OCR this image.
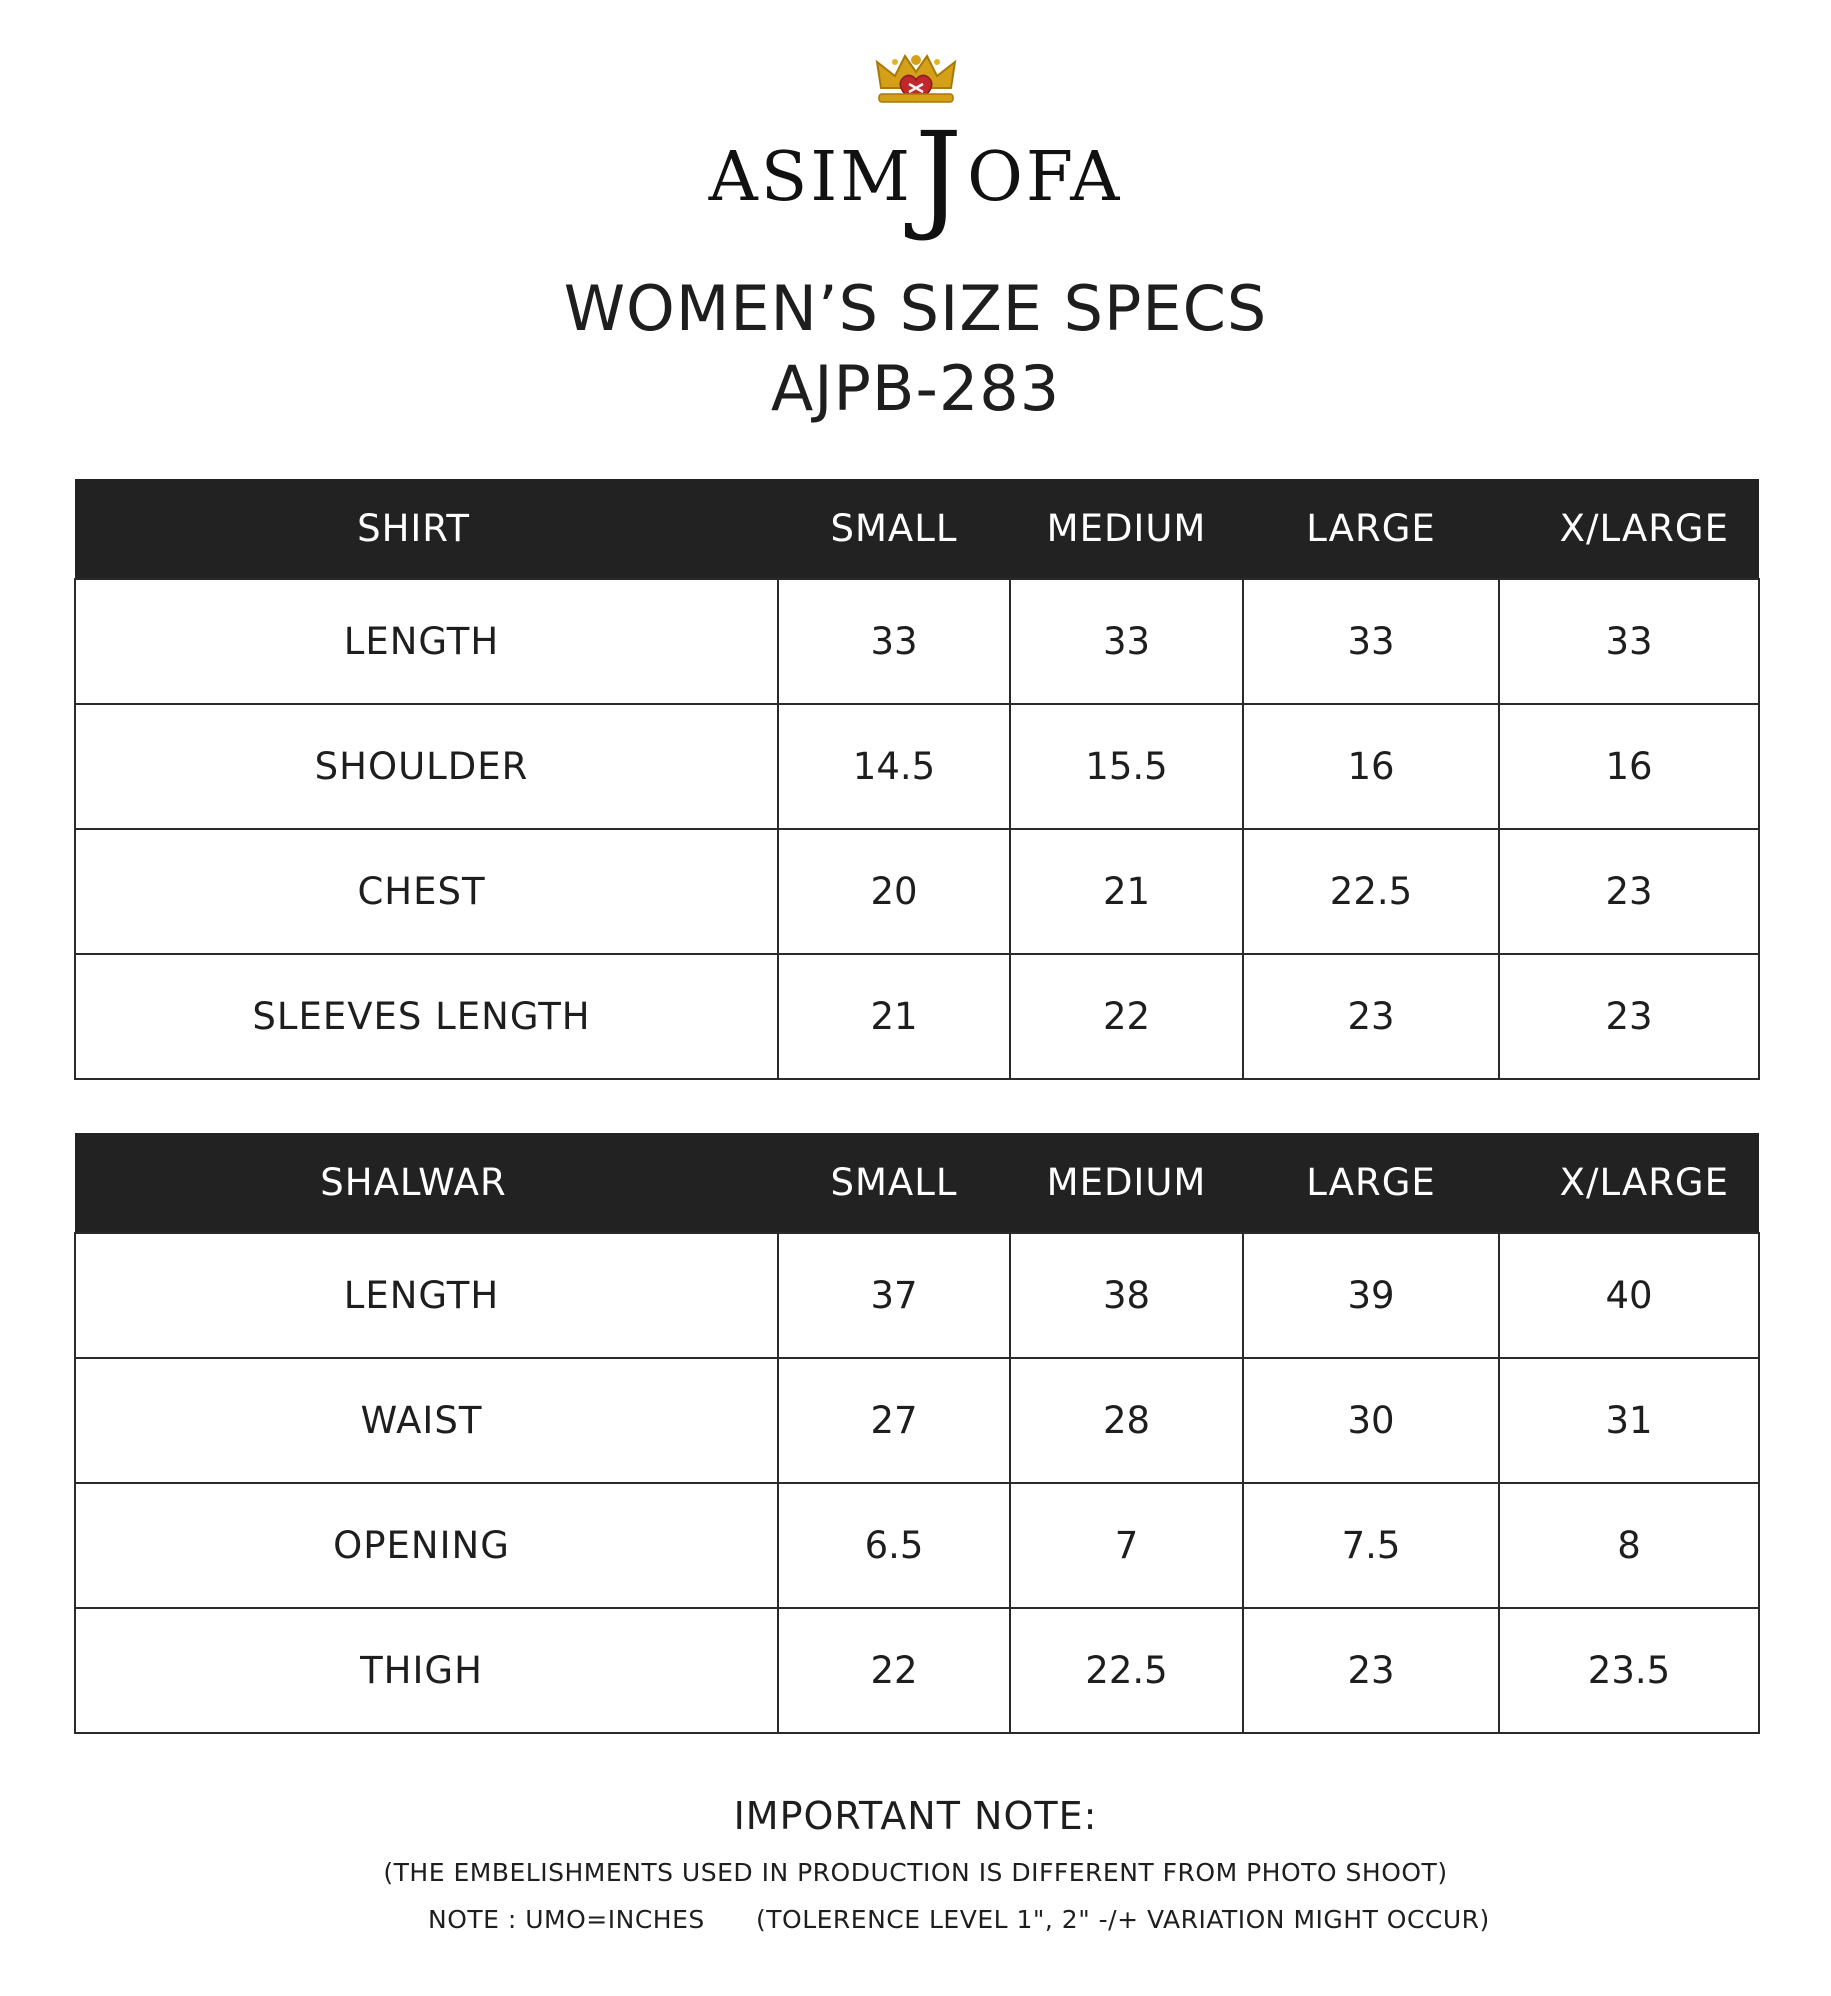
ASIMJOFA
WOMEN’S SIZE SPECS
AJPB-283
SHIRT	SMALL	MEDIUM	LARGE	X/LARGE
LENGTH	33	33	33	33
SHOULDER	14.5	15.5	16	16
CHEST	20	21	22.5	23
SLEEVES LENGTH	21	22	23	23
SHALWAR	SMALL	MEDIUM	LARGE	X/LARGE
LENGTH	37	38	39	40
WAIST	27	28	30	31
OPENING	6.5	7	7.5	8
THIGH	22	22.5	23	23.5
IMPORTANT NOTE:
(THE EMBELISHMENTS USED IN PRODUCTION IS DIFFERENT FROM PHOTO SHOOT)
NOTE : UMO=INCHES (TOLERENCE LEVEL 1", 2" -/+ VARIATION MIGHT OCCUR)
